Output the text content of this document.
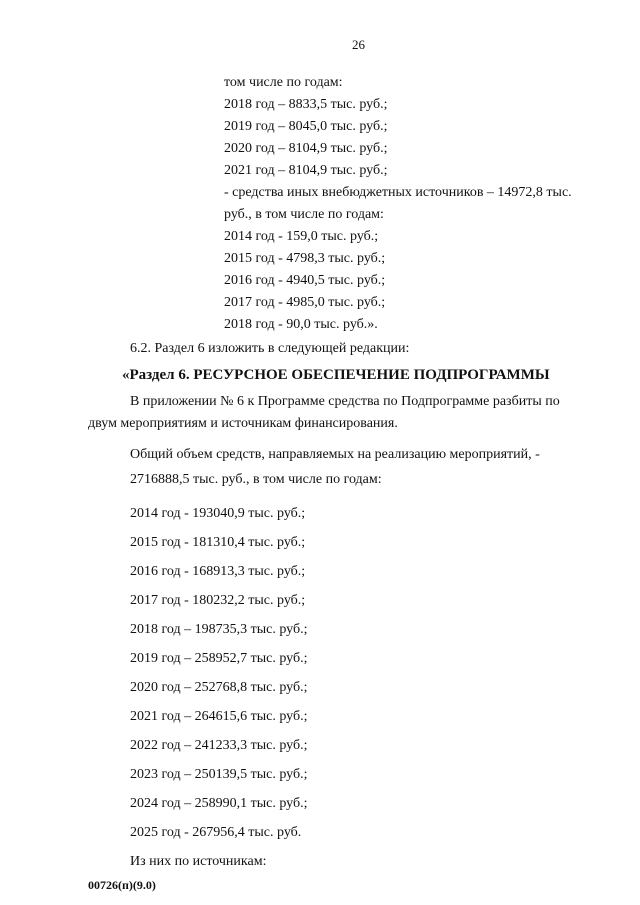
26
том числе по годам:
2018 год – 8833,5 тыс. руб.;
2019 год – 8045,0 тыс. руб.;
2020 год – 8104,9 тыс. руб.;
2021 год – 8104,9 тыс. руб.;
- средства иных внебюджетных источников – 14972,8 тыс.
руб., в том числе по годам:
2014 год - 159,0 тыс. руб.;
2015 год - 4798,3 тыс. руб.;
2016 год - 4940,5 тыс. руб.;
2017 год - 4985,0 тыс. руб.;
2018 год - 90,0 тыс. руб.».
6.2. Раздел 6 изложить в следующей редакции:
«Раздел 6. РЕСУРСНОЕ ОБЕСПЕЧЕНИЕ ПОДПРОГРАММЫ
В приложении № 6 к Программе средства по Подпрограмме разбиты по
двум мероприятиям и источникам финансирования.
Общий объем средств, направляемых на реализацию мероприятий, -
2716888,5 тыс. руб., в том числе по годам:
2014 год - 193040,9 тыс. руб.;
2015 год - 181310,4 тыс. руб.;
2016 год - 168913,3 тыс. руб.;
2017 год - 180232,2 тыс. руб.;
2018 год – 198735,3 тыс. руб.;
2019 год – 258952,7 тыс. руб.;
2020 год – 252768,8 тыс. руб.;
2021 год – 264615,6 тыс. руб.;
2022 год – 241233,3 тыс. руб.;
2023 год – 250139,5 тыс. руб.;
2024 год – 258990,1 тыс. руб.;
2025 год - 267956,4 тыс. руб.
Из них по источникам:
00726(п)(9.0)
